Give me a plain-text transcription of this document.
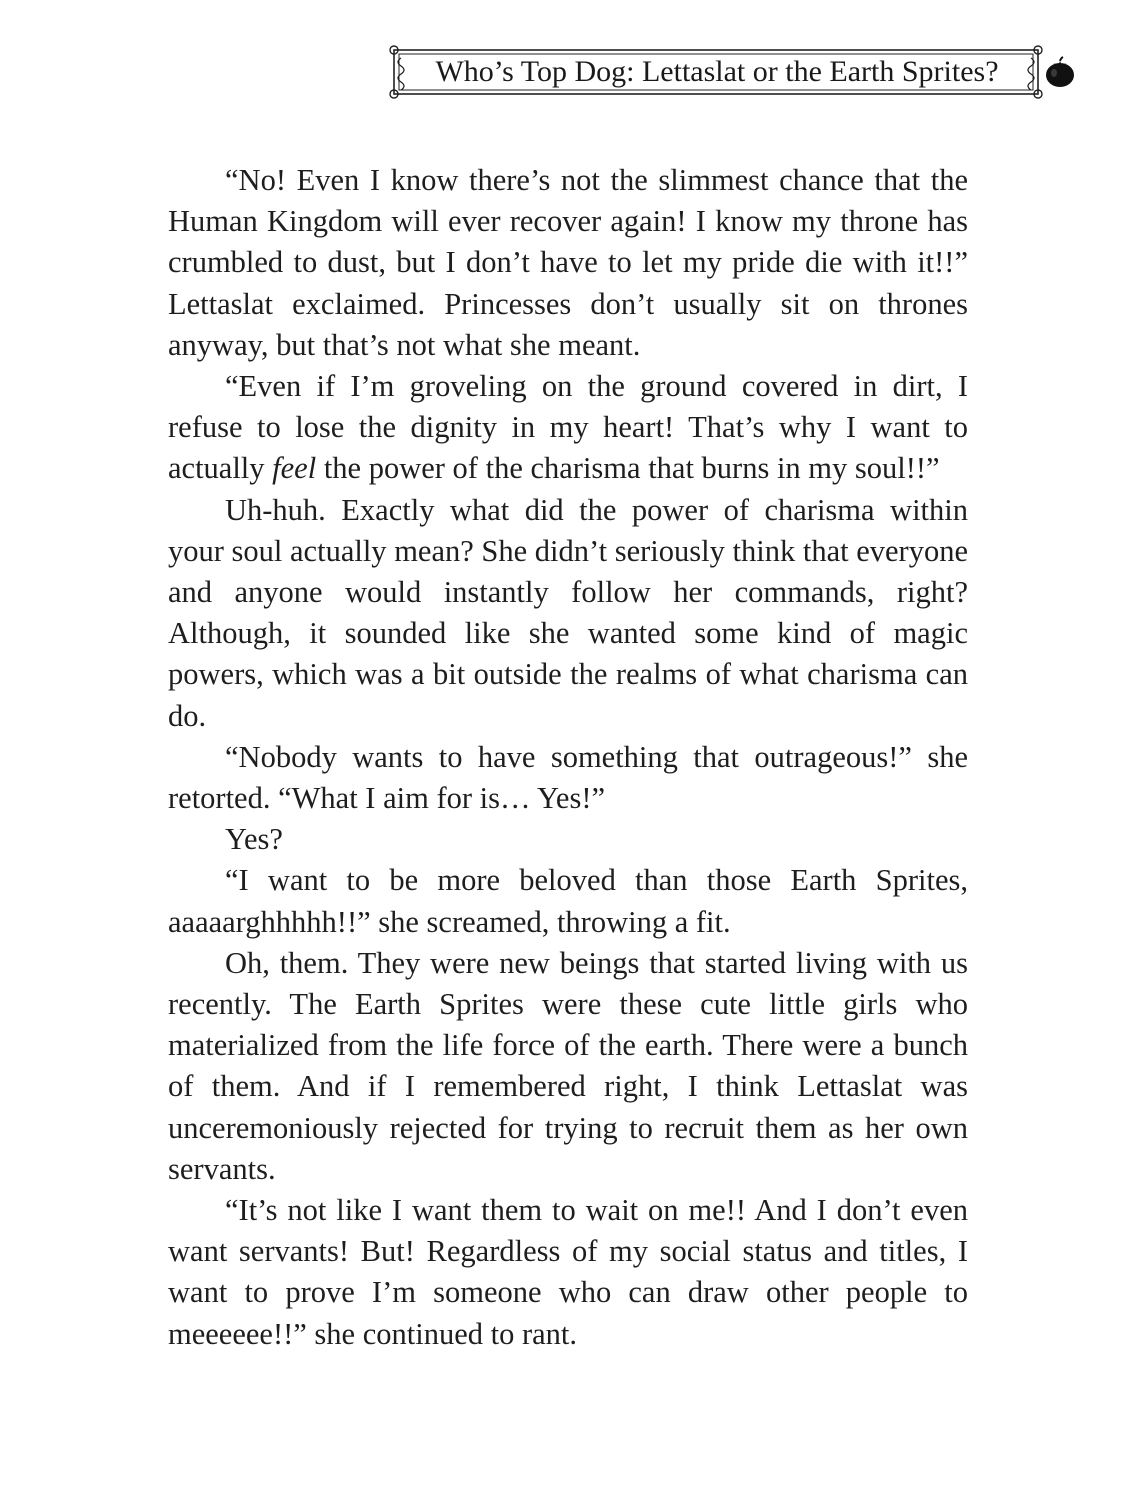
Who’s Top Dog: Lettaslat or the Earth Sprites?

“No! Even I know there’s not the slimmest chance that the Human Kingdom will ever recover again! I know my throne has crumbled to dust, but I don’t have to let my pride die with it!!” Lettaslat exclaimed. Princesses don’t usually sit on thrones anyway, but that’s not what she meant.

“Even if I’m groveling on the ground covered in dirt, I refuse to lose the dignity in my heart! That’s why I want to actually feel the power of the charisma that burns in my soul!!”

Uh-huh. Exactly what did the power of charisma within your soul actually mean? She didn’t seriously think that everyone and anyone would instantly follow her commands, right? Although, it sounded like she wanted some kind of magic powers, which was a bit outside the realms of what charisma can do.

“Nobody wants to have something that outrageous!” she retorted. “What I aim for is… Yes!”

Yes?

“I want to be more beloved than those Earth Sprites, aaaaarghhhhh!!” she screamed, throwing a fit.

Oh, them. They were new beings that started living with us recently. The Earth Sprites were these cute little girls who materialized from the life force of the earth. There were a bunch of them. And if I remembered right, I think Lettaslat was unceremoniously rejected for trying to recruit them as her own servants.

“It’s not like I want them to wait on me!! And I don’t even want servants! But! Regardless of my social status and titles, I want to prove I’m someone who can draw other people to meeeeee!!” she continued to rant.
